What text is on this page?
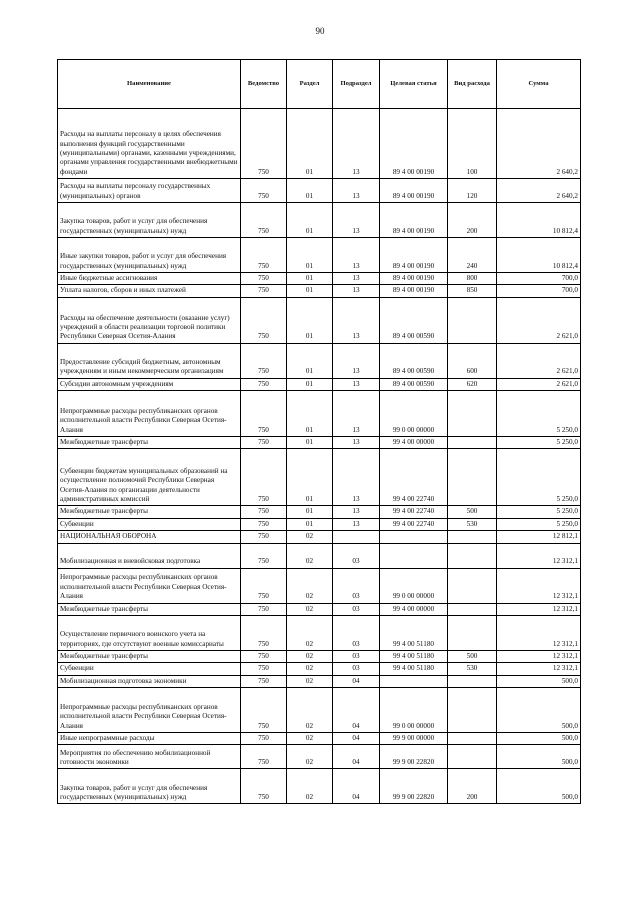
90
Наименование	Ведомство	Раздел	Подраздел	Целевая статья	Вид расхода	Сумма
Расходы на выплаты персоналу в целях обеспечения выполнения функций государственными (муниципальными) органами, казенными учреждениями, органами управления государственными внебюджетными фондами	750	01	13	89 4 00 00190	100	2 640,2
Расходы на выплаты персоналу государственных (муниципальных) органов	750	01	13	89 4 00 00190	120	2 640,2
Закупка товаров, работ и услуг для обеспечения государственных (муниципальных) нужд	750	01	13	89 4 00 00190	200	10 812,4
Иные закупки товаров, работ и услуг для обеспечения государственных (муниципальных) нужд	750	01	13	89 4 00 00190	240	10 812,4
Иные бюджетные ассигнования	750	01	13	89 4 00 00190	800	700,0
Уплата налогов, сборов и иных платежей	750	01	13	89 4 00 00190	850	700,0
Расходы на обеспечение деятельности (оказание услуг) учреждений в области реализации торговой политики Республики Северная Осетия-Алания	750	01	13	89 4 00 00590		2 621,0
Предоставление субсидий бюджетным, автономным учреждениям и иным некоммерческим организациям	750	01	13	89 4 00 00590	600	2 621,0
Субсидии автономным учреждениям	750	01	13	89 4 00 00590	620	2 621,0
Непрограммные расходы республиканских органов исполнительной власти Республики Северная Осетия-Алания	750	01	13	99 0 00 00000		5 250,0
Межбюджетные трансферты	750	01	13	99 4 00 00000		5 250,0
Субвенции бюджетам муниципальных образований на осуществление полномочий Республики Северная Осетия-Алания по организации деятельности административных комиссий	750	01	13	99 4 00 22740		5 250,0
Межбюджетные трансферты	750	01	13	99 4 00 22740	500	5 250,0
Субвенции	750	01	13	99 4 00 22740	530	5 250,0
НАЦИОНАЛЬНАЯ ОБОРОНА	750	02				12 812,1
Мобилизационная и вневойсковая подготовка	750	02	03			12 312,1
Непрограммные расходы республиканских органов исполнительной власти Республики Северная Осетия-Алания	750	02	03	99 0 00 00000		12 312,1
Межбюджетные трансферты	750	02	03	99 4 00 00000		12 312,1
Осуществление первичного воинского учета на территориях, где отсутствуют военные комиссариаты	750	02	03	99 4 00 51180		12 312,1
Межбюджетные трансферты	750	02	03	99 4 00 51180	500	12 312,1
Субвенции	750	02	03	99 4 00 51180	530	12 312,1
Мобилизационная подготовка экономики	750	02	04			500,0
Непрограммные расходы республиканских органов исполнительной власти Республики Северная Осетия-Алания	750	02	04	99 0 00 00000		500,0
Иные непрограммные расходы	750	02	04	99 9 00 00000		500,0
Мероприятия по обеспечению мобилизационной готовности экономики	750	02	04	99 9 00 22820		500,0
Закупка товаров, работ и услуг для обеспечения государственных (муниципальных) нужд	750	02	04	99 9 00 22820	200	500,0
